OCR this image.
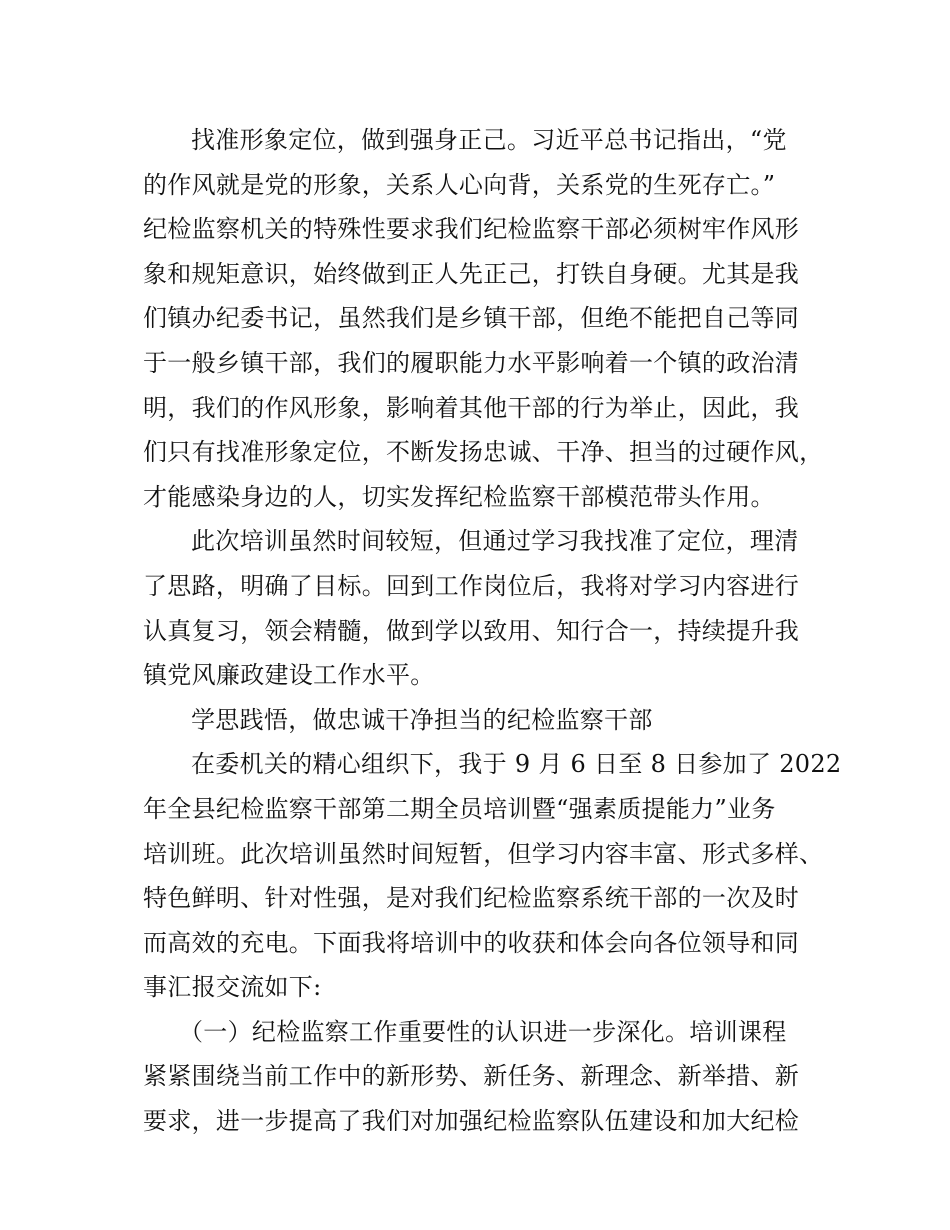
找准形象定位，做到强身正己。习近平总书记指出，“党
的作风就是党的形象，关系人心向背，关系党的生死存亡。”
纪检监察机关的特殊性要求我们纪检监察干部必须树牢作风形
象和规矩意识，始终做到正人先正己，打铁自身硬。尤其是我
们镇办纪委书记，虽然我们是乡镇干部，但绝不能把自己等同
于一般乡镇干部，我们的履职能力水平影响着一个镇的政治清
明，我们的作风形象，影响着其他干部的行为举止，因此，我
们只有找准形象定位，不断发扬忠诚、干净、担当的过硬作风，
才能感染身边的人，切实发挥纪检监察干部模范带头作用。
此次培训虽然时间较短，但通过学习我找准了定位，理清
了思路，明确了目标。回到工作岗位后，我将对学习内容进行
认真复习，领会精髓，做到学以致用、知行合一，持续提升我
镇党风廉政建设工作水平。
学思践悟，做忠诚干净担当的纪检监察干部
在委机关的精心组织下，我于 9 月 6 日至 8 日参加了 2022
年全县纪检监察干部第二期全员培训暨“强素质提能力”业务
培训班。此次培训虽然时间短暂，但学习内容丰富、形式多样、
特色鲜明、针对性强，是对我们纪检监察系统干部的一次及时
而高效的充电。下面我将培训中的收获和体会向各位领导和同
事汇报交流如下:
（一）纪检监察工作重要性的认识进一步深化。培训课程
紧紧围绕当前工作中的新形势、新任务、新理念、新举措、新
要求，进一步提高了我们对加强纪检监察队伍建设和加大纪检
